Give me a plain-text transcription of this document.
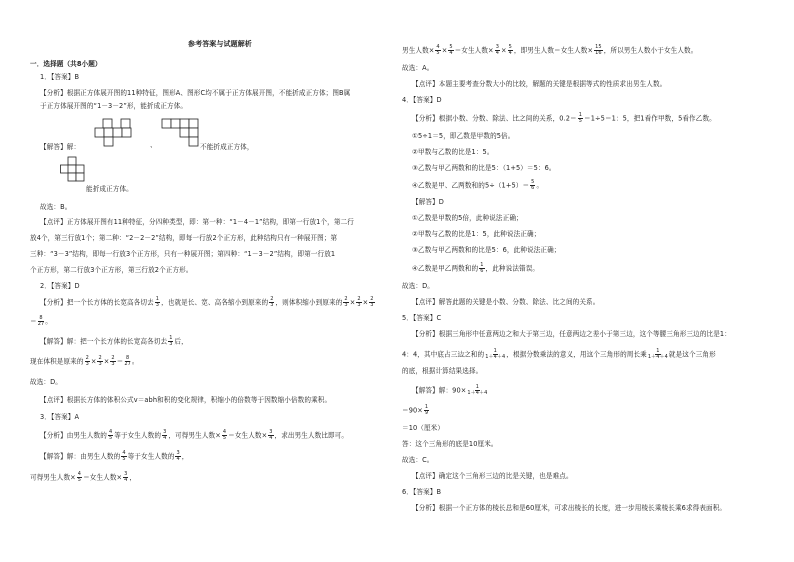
参考答案与试题解析
一．选择题（共8小题）
1．【答案】B
【分析】根据正方体展开图的11种特征，图形A、图形C均不属于正方体展开图，不能折成正方体；图B属
于正方体展开图的“1－3－2”形，能折成正方体。
、
【解答】解：	不能折成正方体，
能折成正方体。
故选：B。
【点评】正方体展开图有11种特征，分四种类型，即：第一种：“1－4－1”结构，即第一行放1个，第二行
放4个，第三行放1个；第二种：“2－2－2”结构，即每一行放2个正方形，此种结构只有一种展开图；第
三种：“3－3”结构，即每一行放3个正方形，只有一种展开图；第四种：“1－3－2”结构，即第一行放1
个正方形，第二行放3个正方形，第三行放2个正方形。
2．【答案】D
【分析】把一个长方体的长宽高各切去 $\frac{1}{3}$ ，也就是长、宽、高各缩小到原来的 $\frac{2}{3}$ ，则体积缩小到原来的 $\frac{2}{3} \times \frac{2}{3} \times \frac{2}{3}$
＝ $\frac{8}{27}$ 。
【解答】解：把一个长方体的长宽高各切去 $\frac{1}{3}$ 后，
现在体积是原来的 $\frac{2}{3} \times \frac{2}{3} \times \frac{2}{3} = \frac{8}{27}$ 。
故选：D。
【点评】根据长方体的体积公式v＝abh和积的变化规律，积缩小的倍数等于因数缩小倍数的乘积。
3．【答案】A
【分析】由男生人数的 $\frac{4}{5}$ 等于女生人数的 $\frac{3}{4}$ ，可得男生人数× $\frac{4}{5}$ ＝女生人数× $\frac{3}{4}$ ，求出男生人数比即可。
【解答】解：由男生人数的 $\frac{4}{5}$ 等于女生人数的 $\frac{3}{4}$ ，
可得男生人数× $\frac{4}{5}$ ＝女生人数× $\frac{3}{4}$ ，
男生人数× $\frac{4}{5} \times \frac{5}{4}$ ＝女生人数× $\frac{3}{4} \times \frac{5}{4}$ ，即男生人数＝女生人数× $\frac{15}{16}$ ，所以男生人数小于女生人数。
故选：A。
【点评】本题主要考查分数大小的比较，解题的关键是根据等式的性质求出男生人数。
4．【答案】D
【分析】根据小数、分数、除法、比之间的关系，$0.2= \frac{1}{5} =1\div 5=1$：5，把1看作甲数，5看作乙数。
①5÷1＝5，即乙数是甲数的5倍。
②甲数与乙数的比是1：5。
③乙数与甲乙两数和的比是5：（1+5）＝5：6。
④乙数是甲、乙两数和的$5\div(1+5)= \frac{5}{6}$ 。
【解答】D
①乙数是甲数的5倍，此种说法正确；
②甲数与乙数的比是1：5，此种说法正确；
③乙数与甲乙两数和的比是5：6，此种说法正确；
④乙数是甲乙两数和的 $\frac{1}{6}$ ，此种说法错误。
故选：D。
【点评】解答此题的关键是小数、分数、除法、比之间的关系。
5．【答案】C
【分析】根据三角形中任意两边之和大于第三边，任意两边之差小于第三边，这个等腰三角形三边的比是1：
4：4，其中底占三边之和的 $\frac{1}{1+4+4}$ ，根据分数乘法的意义，用这个三角形的周长乘 $\frac{1}{1+4+4}$ 就是这个三角形
的底，根据计算结果选择。
【解答】解：$90\times \frac{1}{1+4+4}$
$=90\times \frac{1}{9}$
＝10（厘米）
答：这个三角形的底是10厘米。
故选：C。
【点评】确定这个三角形三边的比是关键，也是难点。
6．【答案】B
【分析】根据一个正方体的棱长总和是60厘米，可求出棱长的长度，进一步用棱长乘棱长乘6求得表面积。
